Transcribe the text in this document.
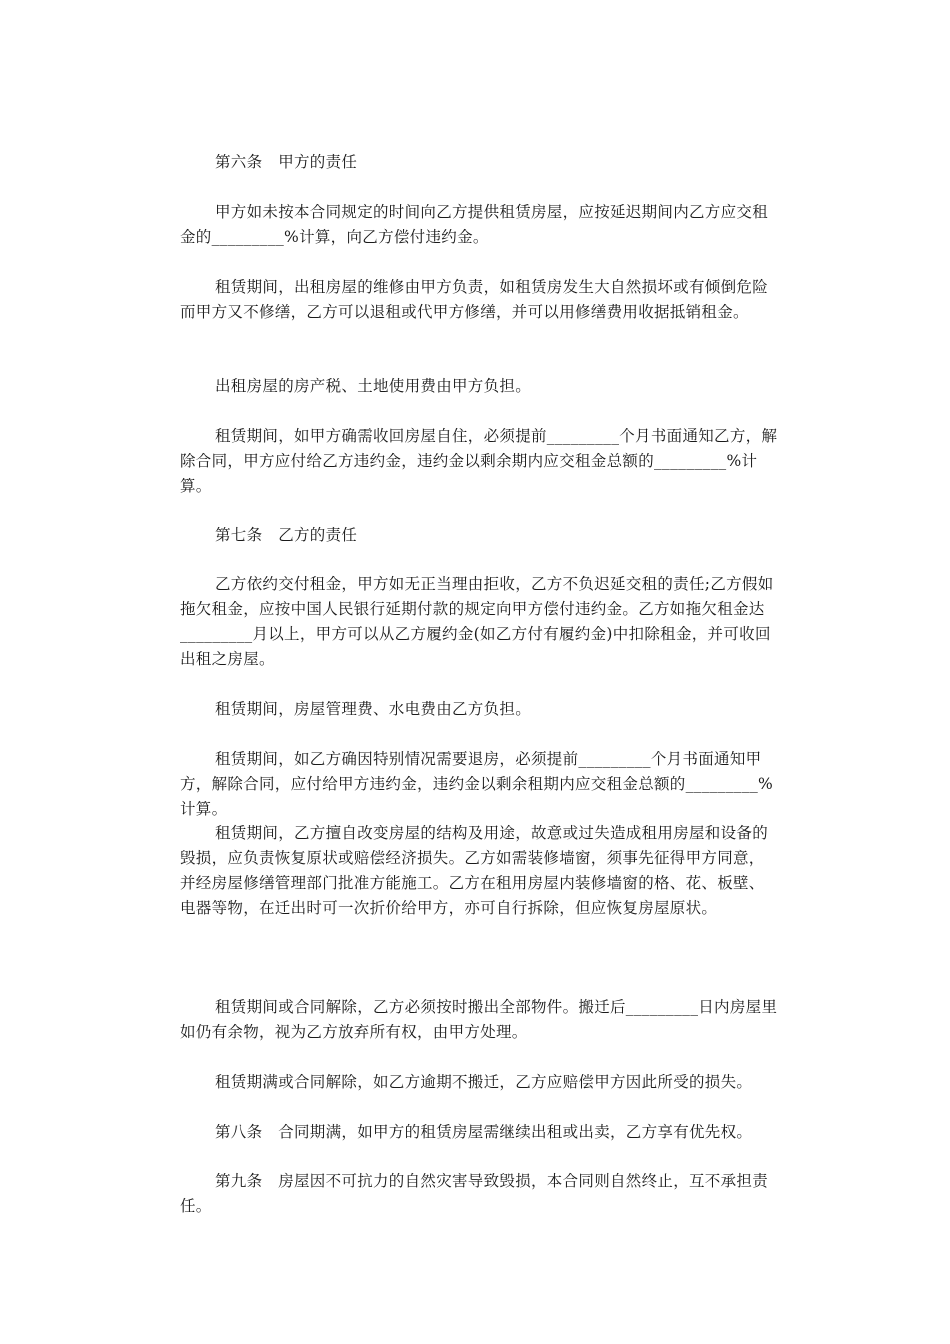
第六条　甲方的责任

甲方如未按本合同规定的时间向乙方提供租赁房屋，应按延迟期间内乙方应交租金的_________%计算，向乙方偿付违约金。

租赁期间，出租房屋的维修由甲方负责，如租赁房发生大自然损坏或有倾倒危险而甲方又不修缮，乙方可以退租或代甲方修缮，并可以用修缮费用收据抵销租金。

出租房屋的房产税、土地使用费由甲方负担。

租赁期间，如甲方确需收回房屋自住，必须提前_________个月书面通知乙方，解除合同，甲方应付给乙方违约金，违约金以剩余期内应交租金总额的_________%计算。

第七条　乙方的责任

乙方依约交付租金，甲方如无正当理由拒收，乙方不负迟延交租的责任;乙方假如拖欠租金，应按中国人民银行延期付款的规定向甲方偿付违约金。乙方如拖欠租金达_________月以上，甲方可以从乙方履约金(如乙方付有履约金)中扣除租金，并可收回出租之房屋。

租赁期间，房屋管理费、水电费由乙方负担。

租赁期间，如乙方确因特别情况需要退房，必须提前_________个月书面通知甲方，解除合同，应付给甲方违约金，违约金以剩余租期内应交租金总额的_________%计算。

租赁期间，乙方擅自改变房屋的结构及用途，故意或过失造成租用房屋和设备的毁损，应负责恢复原状或赔偿经济损失。乙方如需装修墙窗，须事先征得甲方同意，并经房屋修缮管理部门批准方能施工。乙方在租用房屋内装修墙窗的格、花、板壁、电器等物，在迁出时可一次折价给甲方，亦可自行拆除，但应恢复房屋原状。

租赁期间或合同解除，乙方必须按时搬出全部物件。搬迁后_________日内房屋里如仍有余物，视为乙方放弃所有权，由甲方处理。

租赁期满或合同解除，如乙方逾期不搬迁，乙方应赔偿甲方因此所受的损失。

第八条　合同期满，如甲方的租赁房屋需继续出租或出卖，乙方享有优先权。

第九条　房屋因不可抗力的自然灾害导致毁损，本合同则自然终止，互不承担责任。
